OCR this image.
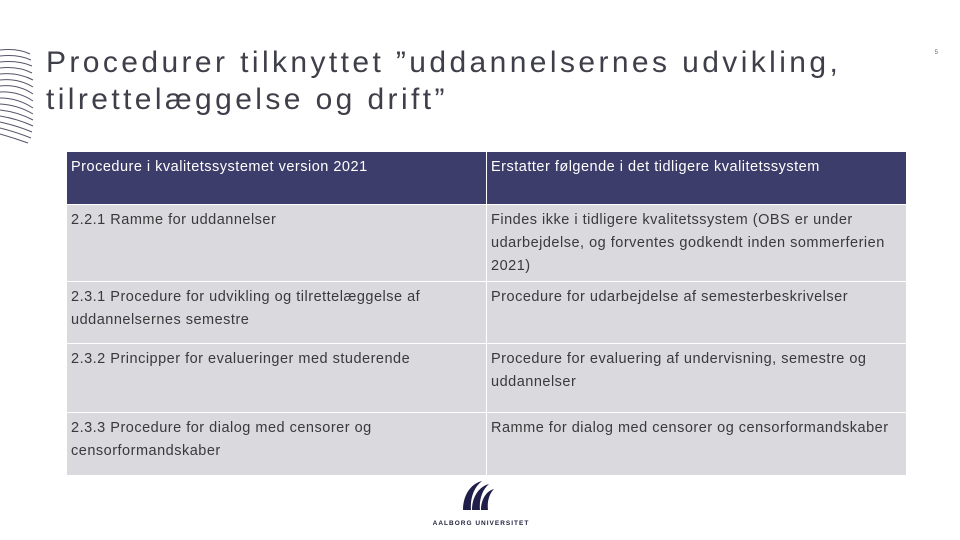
Procedurer tilknyttet ”uddannelsernes udvikling, tilrettelæggelse og drift”
5
Procedure i kvalitetssystemet version 2021	Erstatter følgende i det tidligere kvalitetssystem
2.2.1 Ramme for uddannelser	Findes ikke i tidligere kvalitetssystem (OBS er under udarbejdelse, og forventes godkendt inden sommerferien 2021)
2.3.1 Procedure for udvikling og tilrettelæggelse af uddannelsernes semestre	Procedure for udarbejdelse af semesterbeskrivelser
2.3.2 Principper for evalueringer med studerende	Procedure for evaluering af undervisning, semestre og uddannelser
2.3.3 Procedure for dialog med censorer og censorformandskaber	Ramme for dialog med censorer og censorformandskaber
AALBORG UNIVERSITET
